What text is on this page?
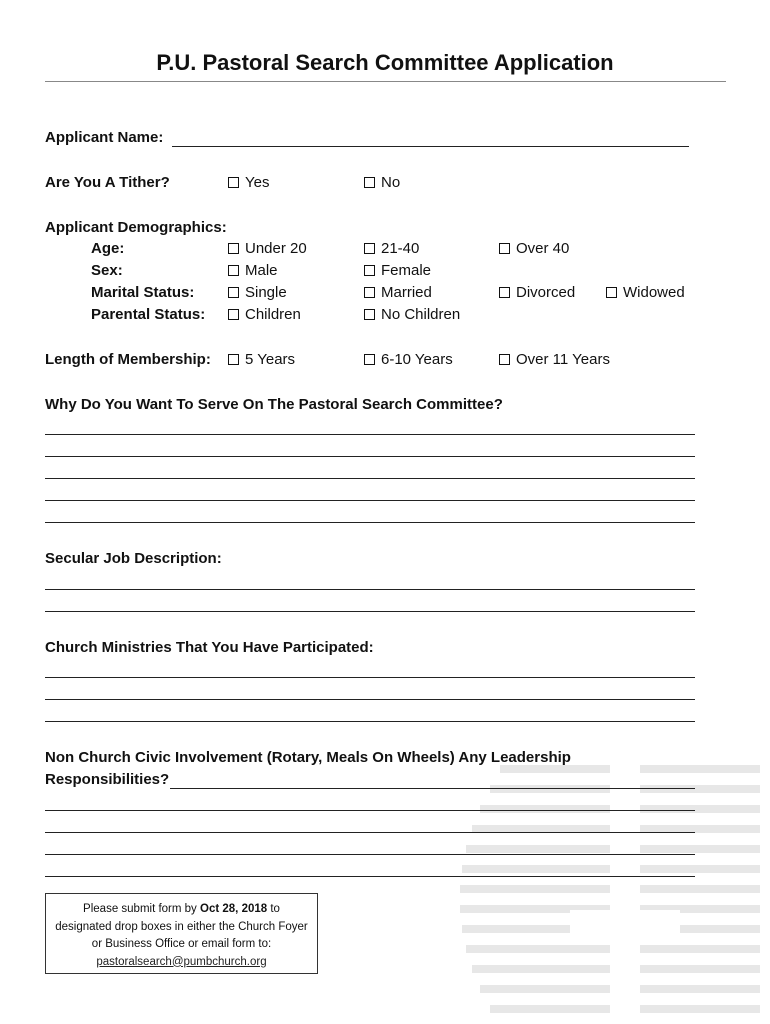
P.U. Pastoral Search Committee Application
Applicant Name:
Are You A Tither?	Yes	No
Applicant Demographics:
Age:	Under 20	21-40	Over 40
Sex:	Male	Female
Marital Status:	Single	Married	Divorced	Widowed
Parental Status:	Children	No Children
Length of Membership:	5 Years	6-10 Years	Over 11 Years
Why Do You Want To Serve On The Pastoral Search Committee?
Secular Job Description:
Church Ministries That You Have Participated:
Non Church Civic Involvement (Rotary, Meals On Wheels) Any Leadership
Responsibilities?
Please submit form by Oct 28, 2018 to
designated drop boxes in either the Church Foyer
or Business Office or email form to:
pastoralsearch@pumbchurch.org
